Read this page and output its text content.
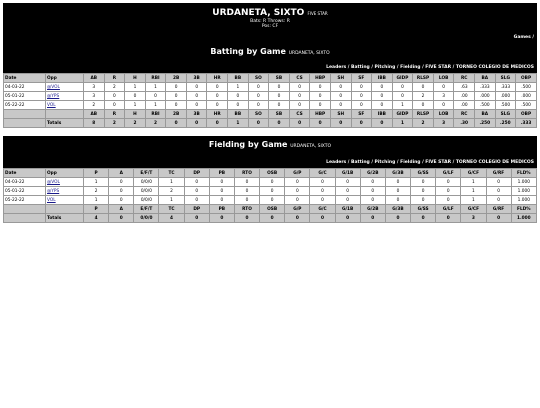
URDANETA, SIXTO FIVE STAR
Bats: R Throws: R
Pos: CF
Games /
Batting by Game URDANETA, SIXTO
Leaders / Batting / Pitching / Fielding / FIVE STAR / TORNEO COLEGIO DE MEDICOS
Date	Opp	AB	R	H	RBI	2B	3B	HR	BB	SO	SB	CS	HBP	SH	SF	IBB	GIDP	RLSP	LOB	RC	BA	SLG	OBP
04-03-22	@VOL	3	2	1	1	0	0	0	1	0	0	0	0	0	0	0	0	0	0	.63	.333	.333	.500
05-01-22	@YPS	3	0	0	0	0	0	0	0	0	0	0	0	0	0	0	0	2	3	.00	.000	.000	.000
05-22-22	VOL	2	0	1	1	0	0	0	0	0	0	0	0	0	0	0	1	0	0	.00	.500	.500	.500
		AB	R	H	RBI	2B	3B	HR	BB	SO	SB	CS	HBP	SH	SF	IBB	GIDP	RLSP	LOB	RC	BA	SLG	OBP
	Totals	8	2	2	2	0	0	0	1	0	0	0	0	0	0	0	1	2	3	.30	.250	.250	.333
Fielding by Game URDANETA, SIXTO
Leaders / Batting / Pitching / Fielding / FIVE STAR / TORNEO COLEGIO DE MEDICOS
Date	Opp	P	A	E/F/T	TC	DP	PB	RTO	OSB	G/P	G/C	G/1B	G/2B	G/3B	G/SS	G/LF	G/CF	G/RF	FLD%
04-03-22	@VOL	1	0	0/0/0	1	0	0	0	0	0	0	0	0	0	0	0	1	0	1.000
05-01-22	@YPS	2	0	0/0/0	2	0	0	0	0	0	0	0	0	0	0	0	1	0	1.000
05-22-22	VOL	1	0	0/0/0	1	0	0	0	0	0	0	0	0	0	0	0	1	0	1.000
		P	A	E/F/T	TC	DP	PB	RTO	OSB	G/P	G/C	G/1B	G/2B	G/3B	G/SS	G/LF	G/CF	G/RF	FLD%
	Totals	4	0	0/0/0	4	0	0	0	0	0	0	0	0	0	0	0	3	0	1.000
